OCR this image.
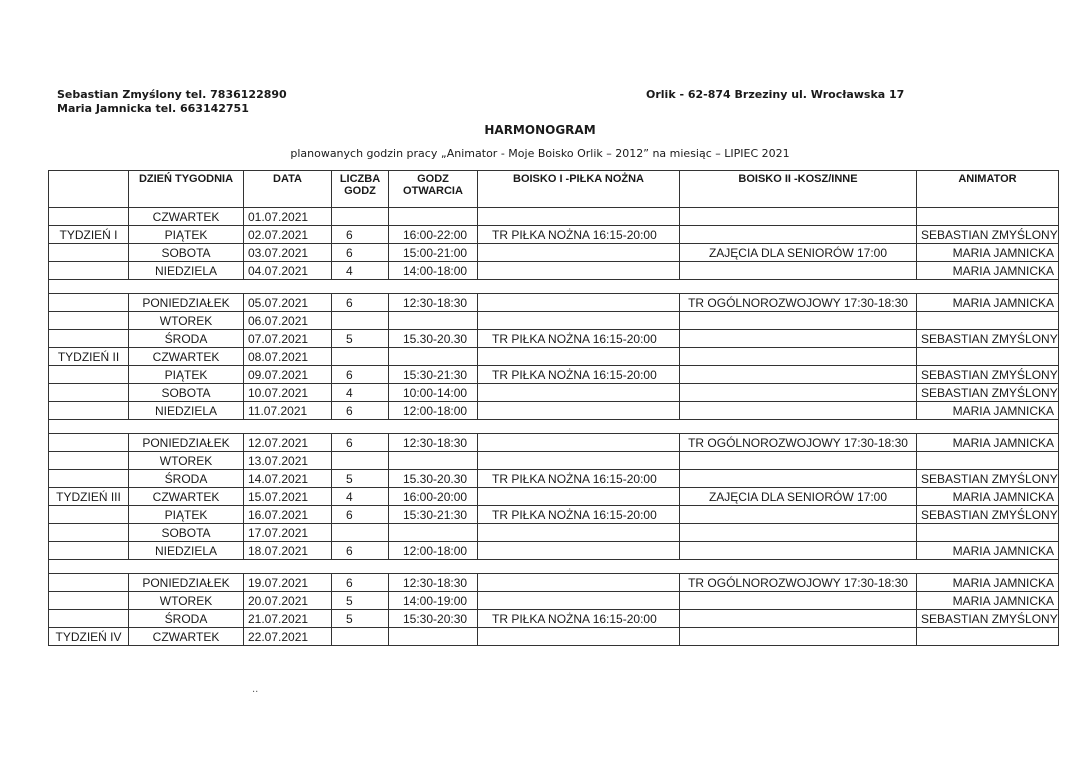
Sebastian Zmyślony tel. 7836122890
Maria Jamnicka tel. 663142751
Orlik - 62-874 Brzeziny ul. Wrocławska 17
HARMONOGRAM
planowanych godzin pracy „Animator - Moje Boisko Orlik – 2012” na miesiąc – LIPIEC 2021
	DZIEŃ TYGODNIA	DATA	LICZBA GODZ	GODZ OTWARCIA	BOISKO I -PIŁKA NOŻNA	BOISKO II -KOSZ/INNE	ANIMATOR
	CZWARTEK	01.07.2021					
TYDZIEŃ I	PIĄTEK	02.07.2021	6	16:00-22:00	TR PIŁKA NOŻNA 16:15-20:00		SEBASTIAN ZMYŚLONY
	SOBOTA	03.07.2021	6	15:00-21:00		ZAJĘCIA DLA SENIORÓW 17:00	MARIA JAMNICKA
	NIEDZIELA	04.07.2021	4	14:00-18:00			MARIA JAMNICKA

	PONIEDZIAŁEK	05.07.2021	6	12:30-18:30		TR OGÓLNOROZWOJOWY 17:30-18:30	MARIA JAMNICKA
	WTOREK	06.07.2021					
	ŚRODA	07.07.2021	5	15.30-20.30	TR PIŁKA NOŻNA 16:15-20:00		SEBASTIAN ZMYŚLONY
TYDZIEŃ II	CZWARTEK	08.07.2021					
	PIĄTEK	09.07.2021	6	15:30-21:30	TR PIŁKA NOŻNA 16:15-20:00		SEBASTIAN ZMYŚLONY
	SOBOTA	10.07.2021	4	10:00-14:00			SEBASTIAN ZMYŚLONY
	NIEDZIELA	11.07.2021	6	12:00-18:00			MARIA JAMNICKA

	PONIEDZIAŁEK	12.07.2021	6	12:30-18:30		TR OGÓLNOROZWOJOWY 17:30-18:30	MARIA JAMNICKA
	WTOREK	13.07.2021					
	ŚRODA	14.07.2021	5	15.30-20.30	TR PIŁKA NOŻNA 16:15-20:00		SEBASTIAN ZMYŚLONY
TYDZIEŃ III	CZWARTEK	15.07.2021	4	16:00-20:00		ZAJĘCIA DLA SENIORÓW 17:00	MARIA JAMNICKA
	PIĄTEK	16.07.2021	6	15:30-21:30	TR PIŁKA NOŻNA 16:15-20:00		SEBASTIAN ZMYŚLONY
	SOBOTA	17.07.2021					
	NIEDZIELA	18.07.2021	6	12:00-18:00			MARIA JAMNICKA

	PONIEDZIAŁEK	19.07.2021	6	12:30-18:30		TR OGÓLNOROZWOJOWY 17:30-18:30	MARIA JAMNICKA
	WTOREK	20.07.2021	5	14:00-19:00			MARIA JAMNICKA
	ŚRODA	21.07.2021	5	15:30-20:30	TR PIŁKA NOŻNA 16:15-20:00		SEBASTIAN ZMYŚLONY
TYDZIEŃ IV	CZWARTEK	22.07.2021					
..
